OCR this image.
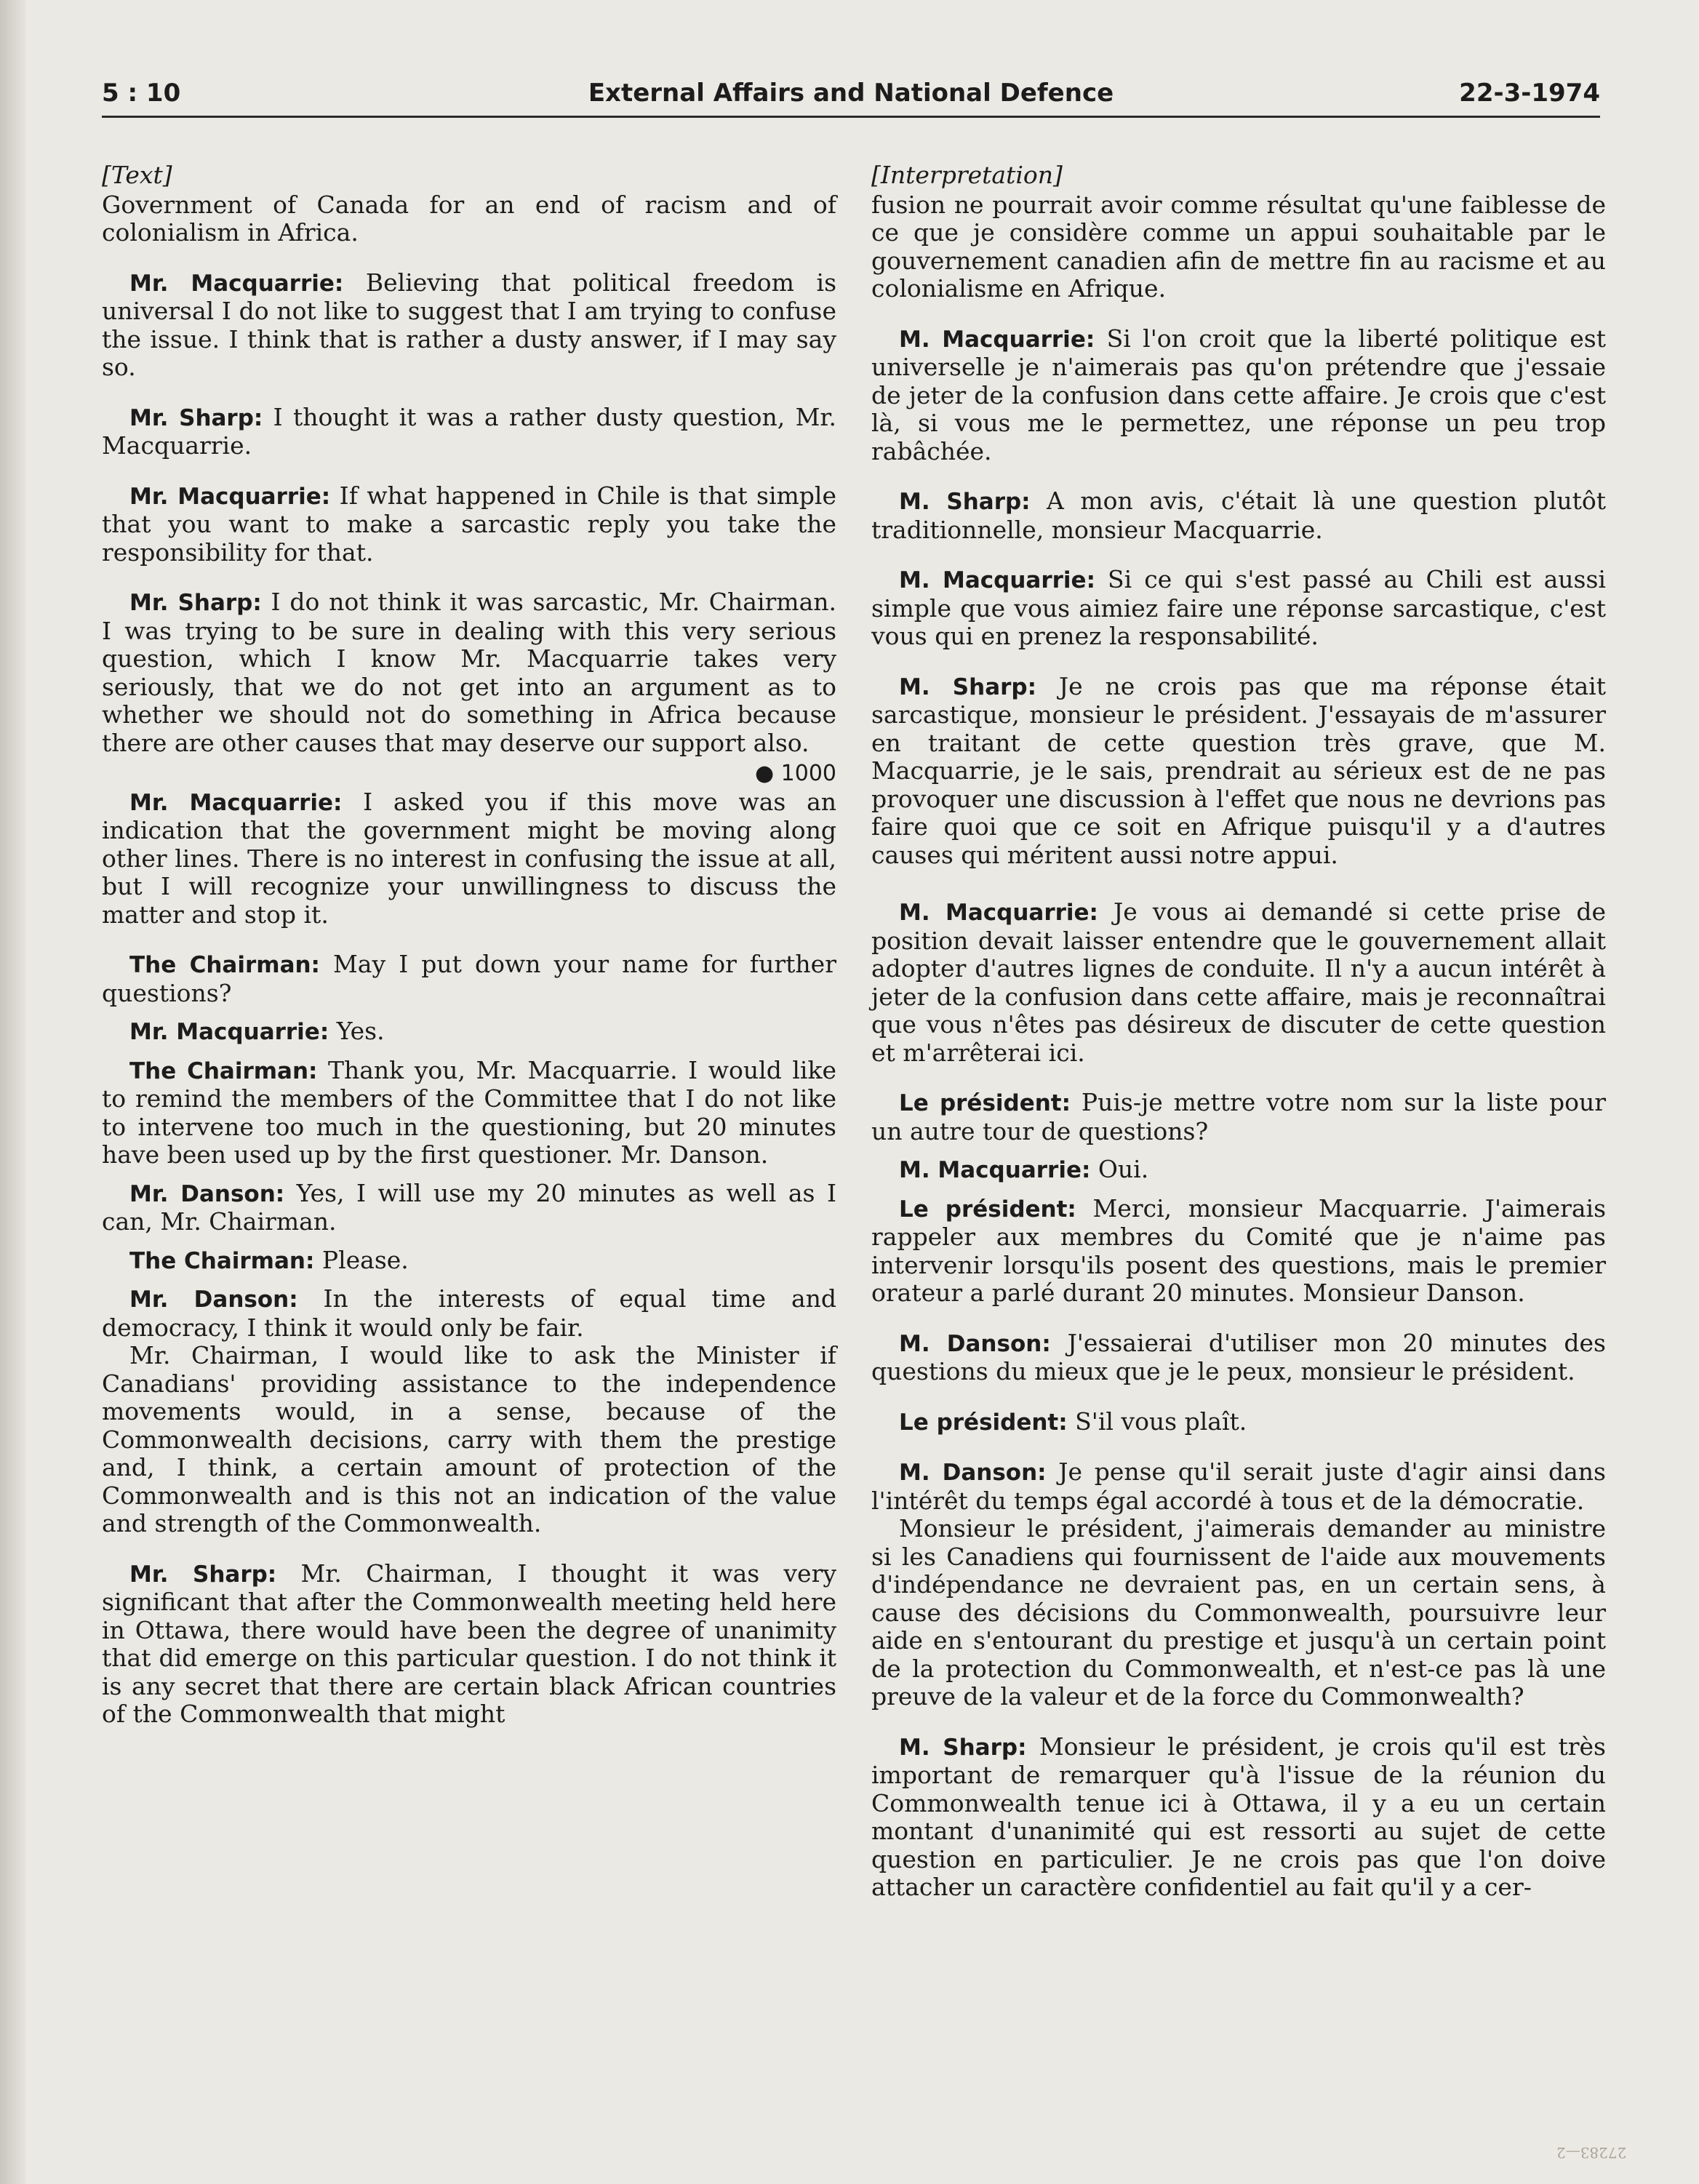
External Affairs and National Defence
5 : 10	22-3-1974

[Text]

Government of Canada for an end of racism and of colonialism in Africa.

Mr. Macquarrie: Believing that political freedom is universal I do not like to suggest that I am trying to confuse the issue. I think that is rather a dusty answer, if I may say so.

Mr. Sharp: I thought it was a rather dusty question, Mr. Macquarrie.

Mr. Macquarrie: If what happened in Chile is that simple that you want to make a sarcastic reply you take the responsibility for that.

Mr. Sharp: I do not think it was sarcastic, Mr. Chairman. I was trying to be sure in dealing with this very serious question, which I know Mr. Macquarrie takes very seriously, that we do not get into an argument as to whether we should not do something in Africa because there are other causes that may deserve our support also.

● 1000

Mr. Macquarrie: I asked you if this move was an indication that the government might be moving along other lines. There is no interest in confusing the issue at all, but I will recognize your unwillingness to discuss the matter and stop it.

The Chairman: May I put down your name for further questions?

Mr. Macquarrie: Yes.

The Chairman: Thank you, Mr. Macquarrie. I would like to remind the members of the Committee that I do not like to intervene too much in the questioning, but 20 minutes have been used up by the first questioner. Mr. Danson.

Mr. Danson: Yes, I will use my 20 minutes as well as I can, Mr. Chairman.

The Chairman: Please.

Mr. Danson: In the interests of equal time and democracy, I think it would only be fair.

Mr. Chairman, I would like to ask the Minister if Canadians' providing assistance to the independence movements would, in a sense, because of the Commonwealth decisions, carry with them the prestige and, I think, a certain amount of protection of the Commonwealth and is this not an indication of the value and strength of the Commonwealth.

Mr. Sharp: Mr. Chairman, I thought it was very significant that after the Commonwealth meeting held here in Ottawa, there would have been the degree of unanimity that did emerge on this particular question. I do not think it is any secret that there are certain black African countries of the Commonwealth that might

[Interpretation]

fusion ne pourrait avoir comme résultat qu'une faiblesse de ce que je considère comme un appui souhaitable par le gouvernement canadien afin de mettre fin au racisme et au colonialisme en Afrique.

M. Macquarrie: Si l'on croit que la liberté politique est universelle je n'aimerais pas qu'on prétendre que j'essaie de jeter de la confusion dans cette affaire. Je crois que c'est là, si vous me le permettez, une réponse un peu trop rabâchée.

M. Sharp: A mon avis, c'était là une question plutôt traditionnelle, monsieur Macquarrie.

M. Macquarrie: Si ce qui s'est passé au Chili est aussi simple que vous aimiez faire une réponse sarcastique, c'est vous qui en prenez la responsabilité.

M. Sharp: Je ne crois pas que ma réponse était sarcastique, monsieur le président. J'essayais de m'assurer en traitant de cette question très grave, que M. Macquarrie, je le sais, prendrait au sérieux est de ne pas provoquer une discussion à l'effet que nous ne devrions pas faire quoi que ce soit en Afrique puisqu'il y a d'autres causes qui méritent aussi notre appui.

M. Macquarrie: Je vous ai demandé si cette prise de position devait laisser entendre que le gouvernement allait adopter d'autres lignes de conduite. Il n'y a aucun intérêt à jeter de la confusion dans cette affaire, mais je reconnaîtrai que vous n'êtes pas désireux de discuter de cette question et m'arrêterai ici.

Le président: Puis-je mettre votre nom sur la liste pour un autre tour de questions?

M. Macquarrie: Oui.

Le président: Merci, monsieur Macquarrie. J'aimerais rappeler aux membres du Comité que je n'aime pas intervenir lorsqu'ils posent des questions, mais le premier orateur a parlé durant 20 minutes. Monsieur Danson.

M. Danson: J'essaierai d'utiliser mon 20 minutes des questions du mieux que je le peux, monsieur le président.

Le président: S'il vous plaît.

M. Danson: Je pense qu'il serait juste d'agir ainsi dans l'intérêt du temps égal accordé à tous et de la démocratie.

Monsieur le président, j'aimerais demander au ministre si les Canadiens qui fournissent de l'aide aux mouvements d'indépendance ne devraient pas, en un certain sens, à cause des décisions du Commonwealth, poursuivre leur aide en s'entourant du prestige et jusqu'à un certain point de la protection du Commonwealth, et n'est-ce pas là une preuve de la valeur et de la force du Commonwealth?

M. Sharp: Monsieur le président, je crois qu'il est très important de remarquer qu'à l'issue de la réunion du Commonwealth tenue ici à Ottawa, il y a eu un certain montant d'unanimité qui est ressorti au sujet de cette question en particulier. Je ne crois pas que l'on doive attacher un caractère confidentiel au fait qu'il y a cer-

27283—2
